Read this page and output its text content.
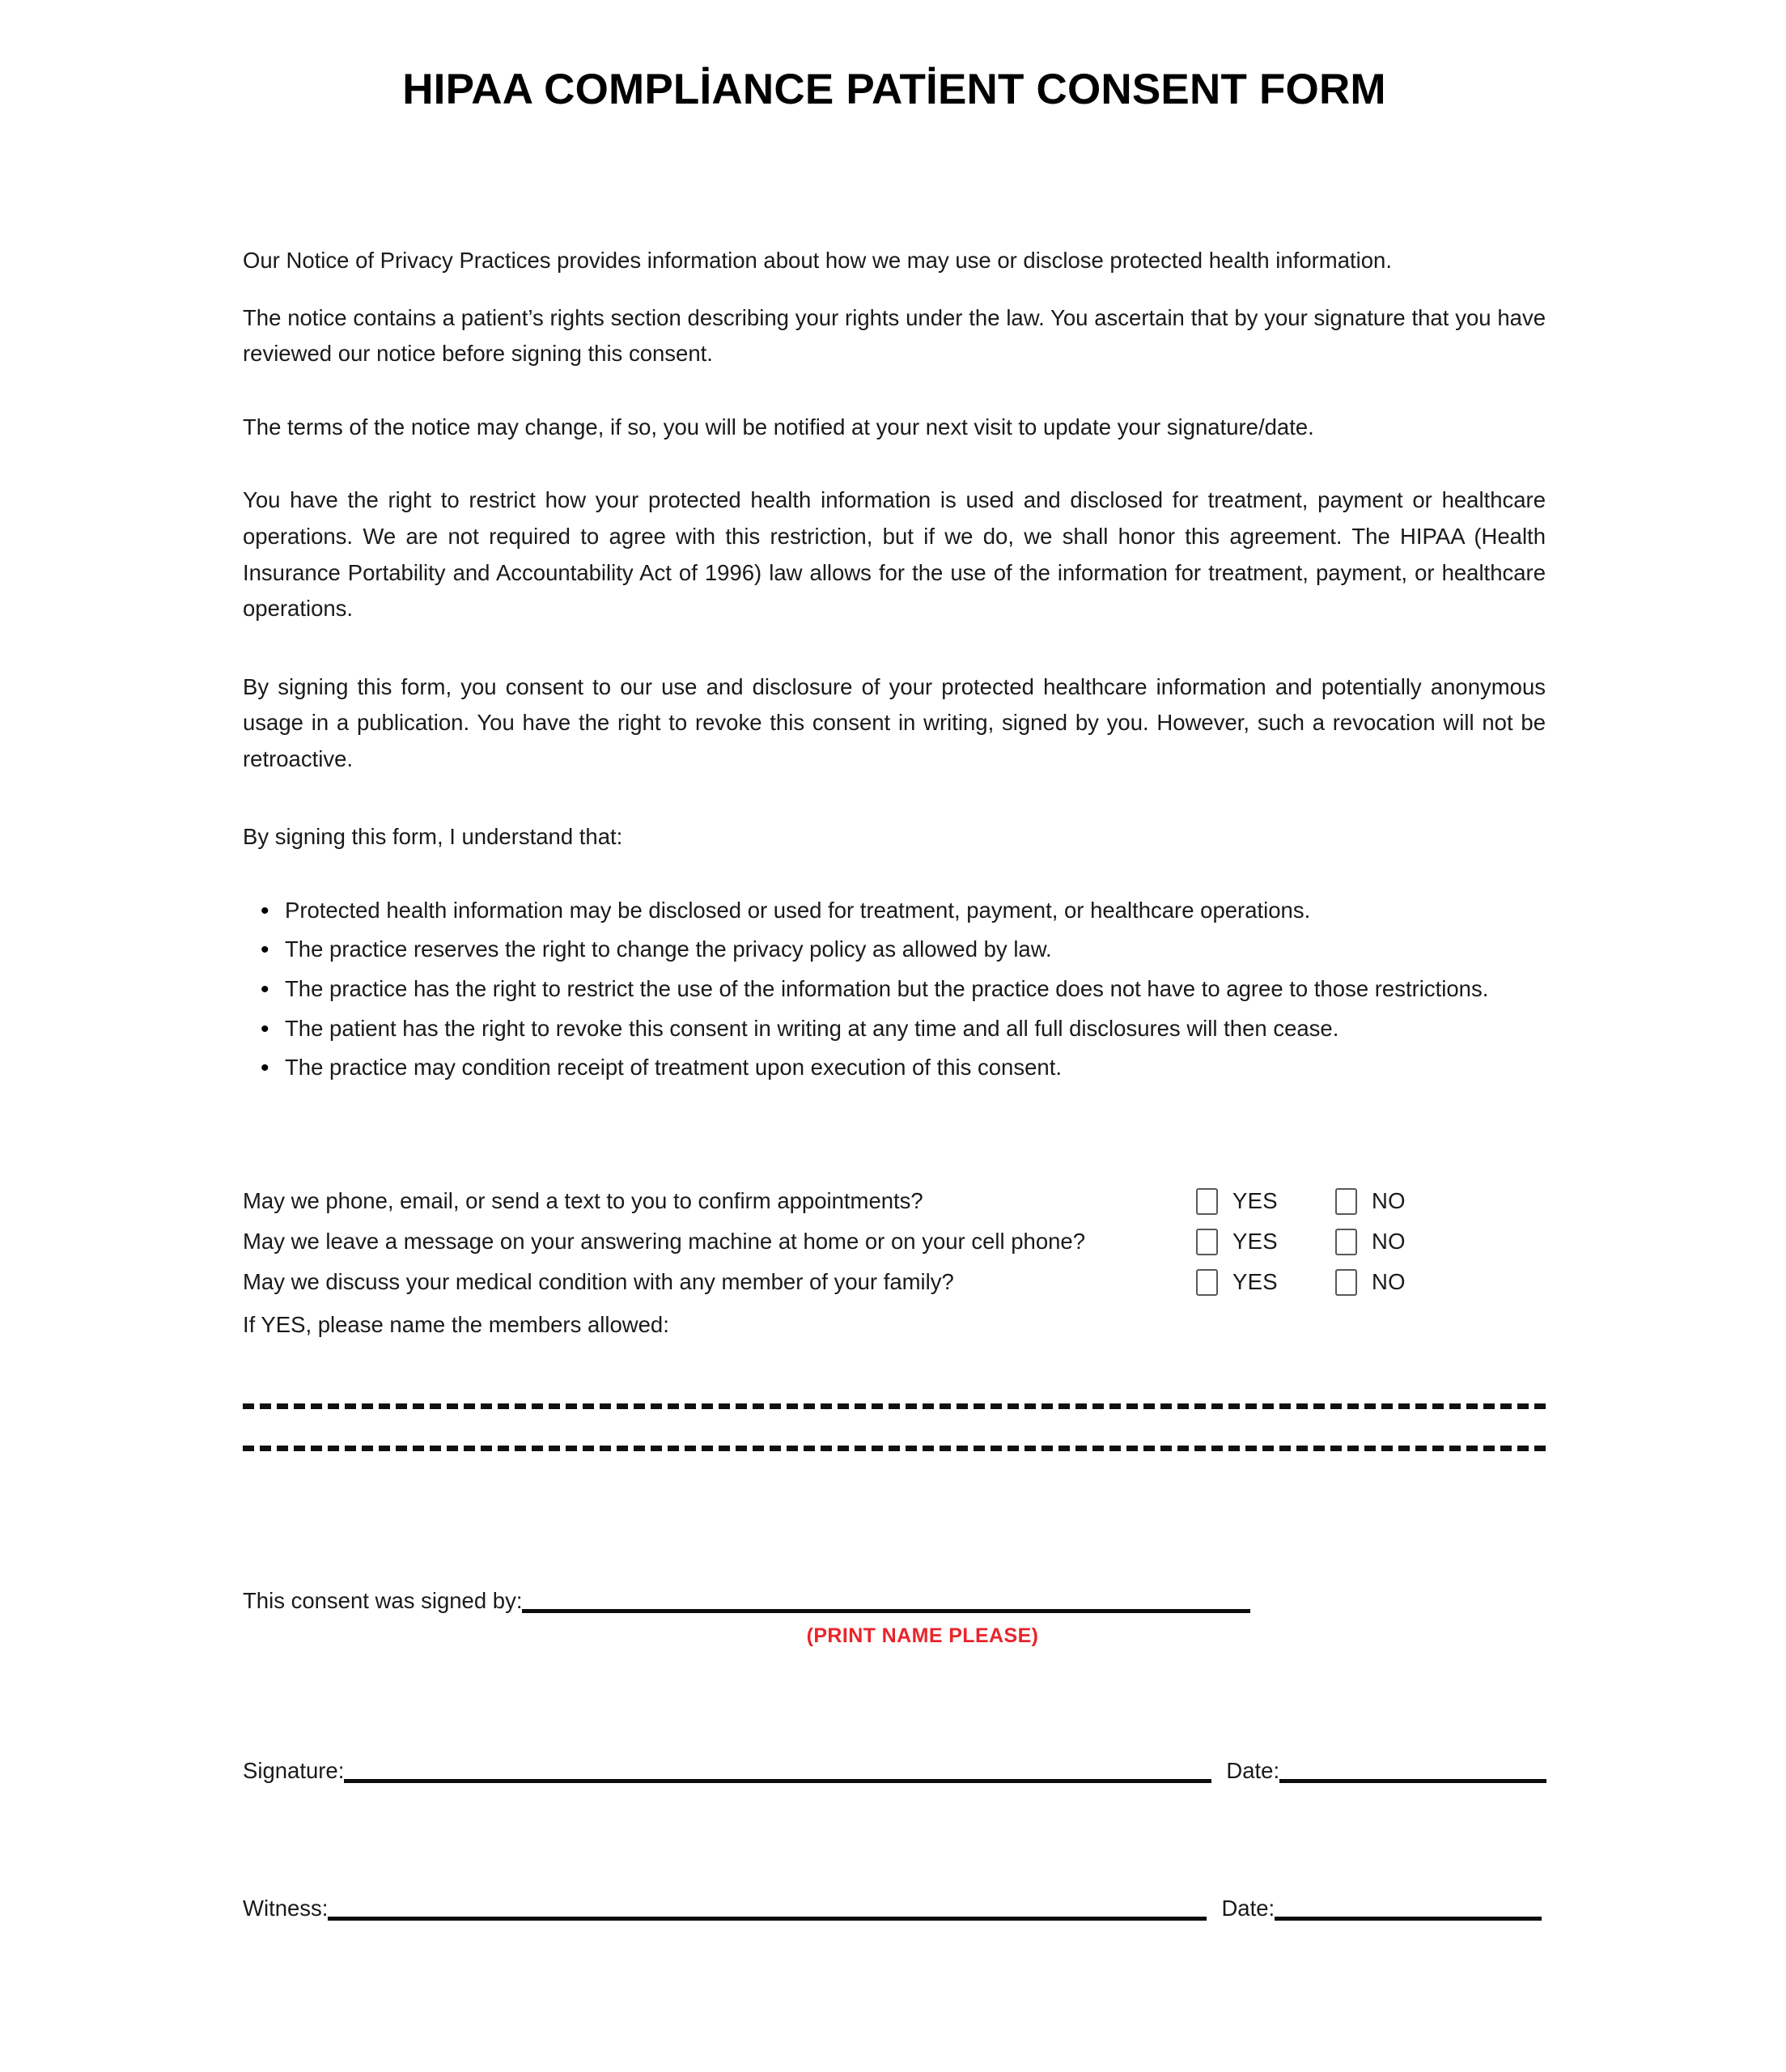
HIPAA COMPLİANCE PATİENT CONSENT FORM

Our Notice of Privacy Practices provides information about how we may use or disclose protected health information.

The notice contains a patient’s rights section describing your rights under the law. You ascertain that by your signature that you have reviewed our notice before signing this consent.

The terms of the notice may change, if so, you will be notified at your next visit to update your signature/date.

You have the right to restrict how your protected health information is used and disclosed for treatment, payment or healthcare operations. We are not required to agree with this restriction, but if we do, we shall honor this agreement. The HIPAA (Health Insurance Portability and Accountability Act of 1996) law allows for the use of the information for treatment, payment, or healthcare operations.

By signing this form, you consent to our use and disclosure of your protected healthcare information and potentially anonymous usage in a publication. You have the right to revoke this consent in writing, signed by you. However, such a revocation will not be retroactive.

By signing this form, I understand that:

• Protected health information may be disclosed or used for treatment, payment, or healthcare operations.
• The practice reserves the right to change the privacy policy as allowed by law.
• The practice has the right to restrict the use of the information but the practice does not have to agree to those restrictions.
• The patient has the right to revoke this consent in writing at any time and all full disclosures will then cease.
• The practice may condition receipt of treatment upon execution of this consent.
May we phone, email, or send a text to you to confirm appointments?	YES	NO
May we leave a message on your answering machine at home or on your cell phone?	YES	NO
May we discuss your medical condition with any member of your family?	YES	NO
If YES, please name the members allowed:
This consent was signed by:
(PRINT NAME PLEASE)
Signature:	Date:
Witness:	Date:
